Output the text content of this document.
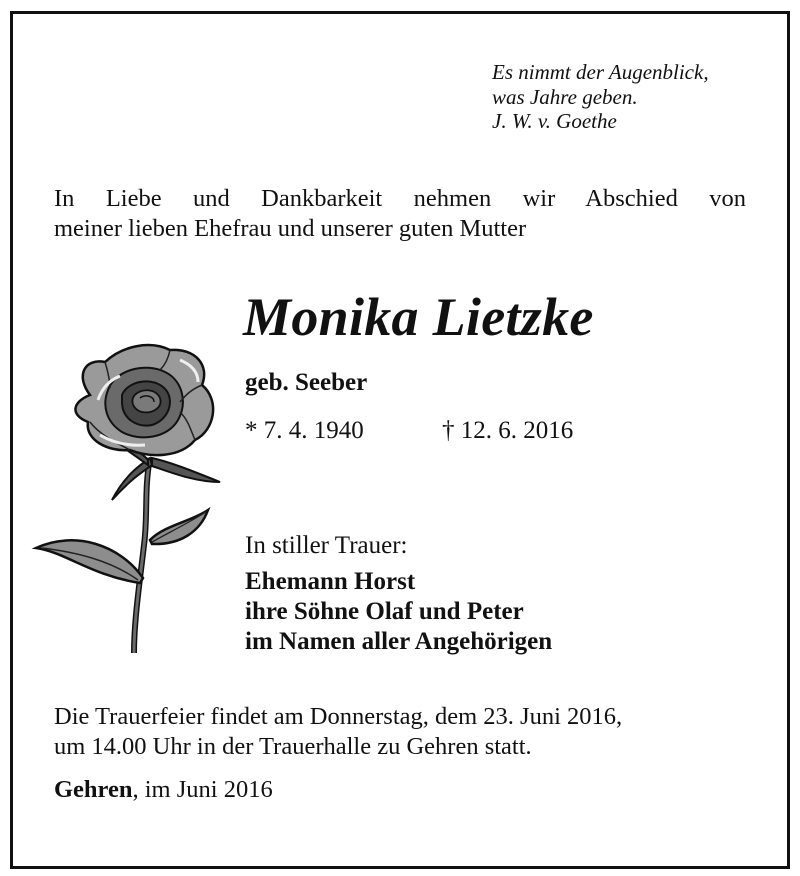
Es nimmt der Augenblick,
was Jahre geben.
J. W. v. Goethe
In Liebe und Dankbarkeit nehmen wir Abschied von
meiner lieben Ehefrau und unserer guten Mutter
Monika Lietzke
geb. Seeber
* 7. 4. 1940	† 12. 6. 2016
In stiller Trauer:
Ehemann Horst
ihre Söhne Olaf und Peter
im Namen aller Angehörigen
Die Trauerfeier findet am Donnerstag, dem 23. Juni 2016,
um 14.00 Uhr in der Trauerhalle zu Gehren statt.
Gehren, im Juni 2016
